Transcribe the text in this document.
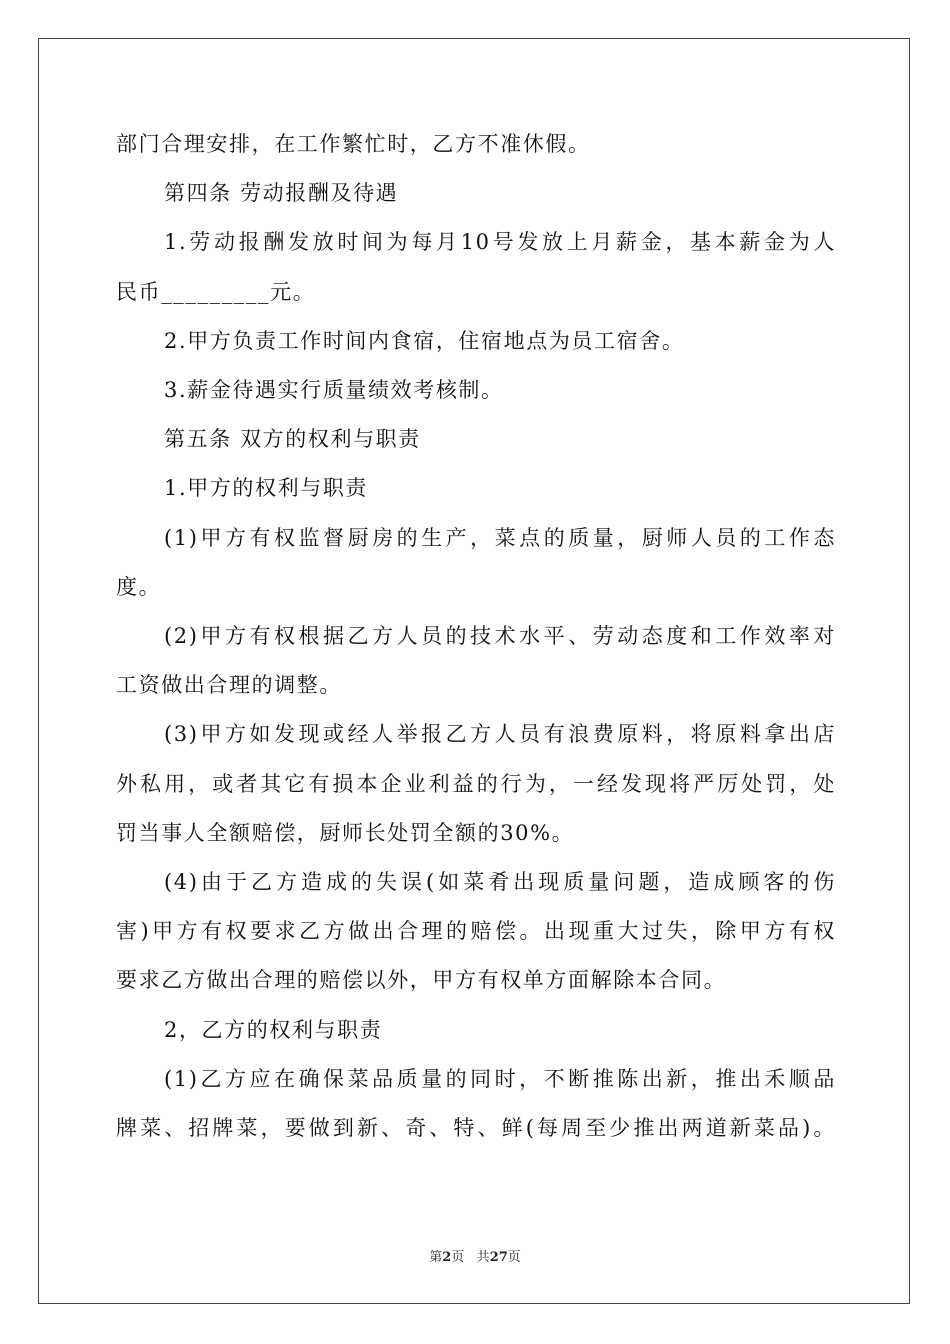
部门合理安排，在工作繁忙时，乙方不准休假。
第四条 劳动报酬及待遇
1.劳动报酬发放时间为每月10号发放上月薪金，基本薪金为人
民币_________元。
2.甲方负责工作时间内食宿，住宿地点为员工宿舍。
3.薪金待遇实行质量绩效考核制。
第五条 双方的权利与职责
1.甲方的权利与职责
(1)甲方有权监督厨房的生产，菜点的质量，厨师人员的工作态
度。
(2)甲方有权根据乙方人员的技术水平、劳动态度和工作效率对
工资做出合理的调整。
(3)甲方如发现或经人举报乙方人员有浪费原料，将原料拿出店
外私用，或者其它有损本企业利益的行为，一经发现将严厉处罚，处
罚当事人全额赔偿，厨师长处罚全额的30%。
(4)由于乙方造成的失误(如菜肴出现质量问题，造成顾客的伤
害)甲方有权要求乙方做出合理的赔偿。出现重大过失，除甲方有权
要求乙方做出合理的赔偿以外，甲方有权单方面解除本合同。
2，乙方的权利与职责
(1)乙方应在确保菜品质量的同时，不断推陈出新，推出禾顺品
牌菜、招牌菜，要做到新、奇、特、鲜(每周至少推出两道新菜品)。
第2页 共27页
